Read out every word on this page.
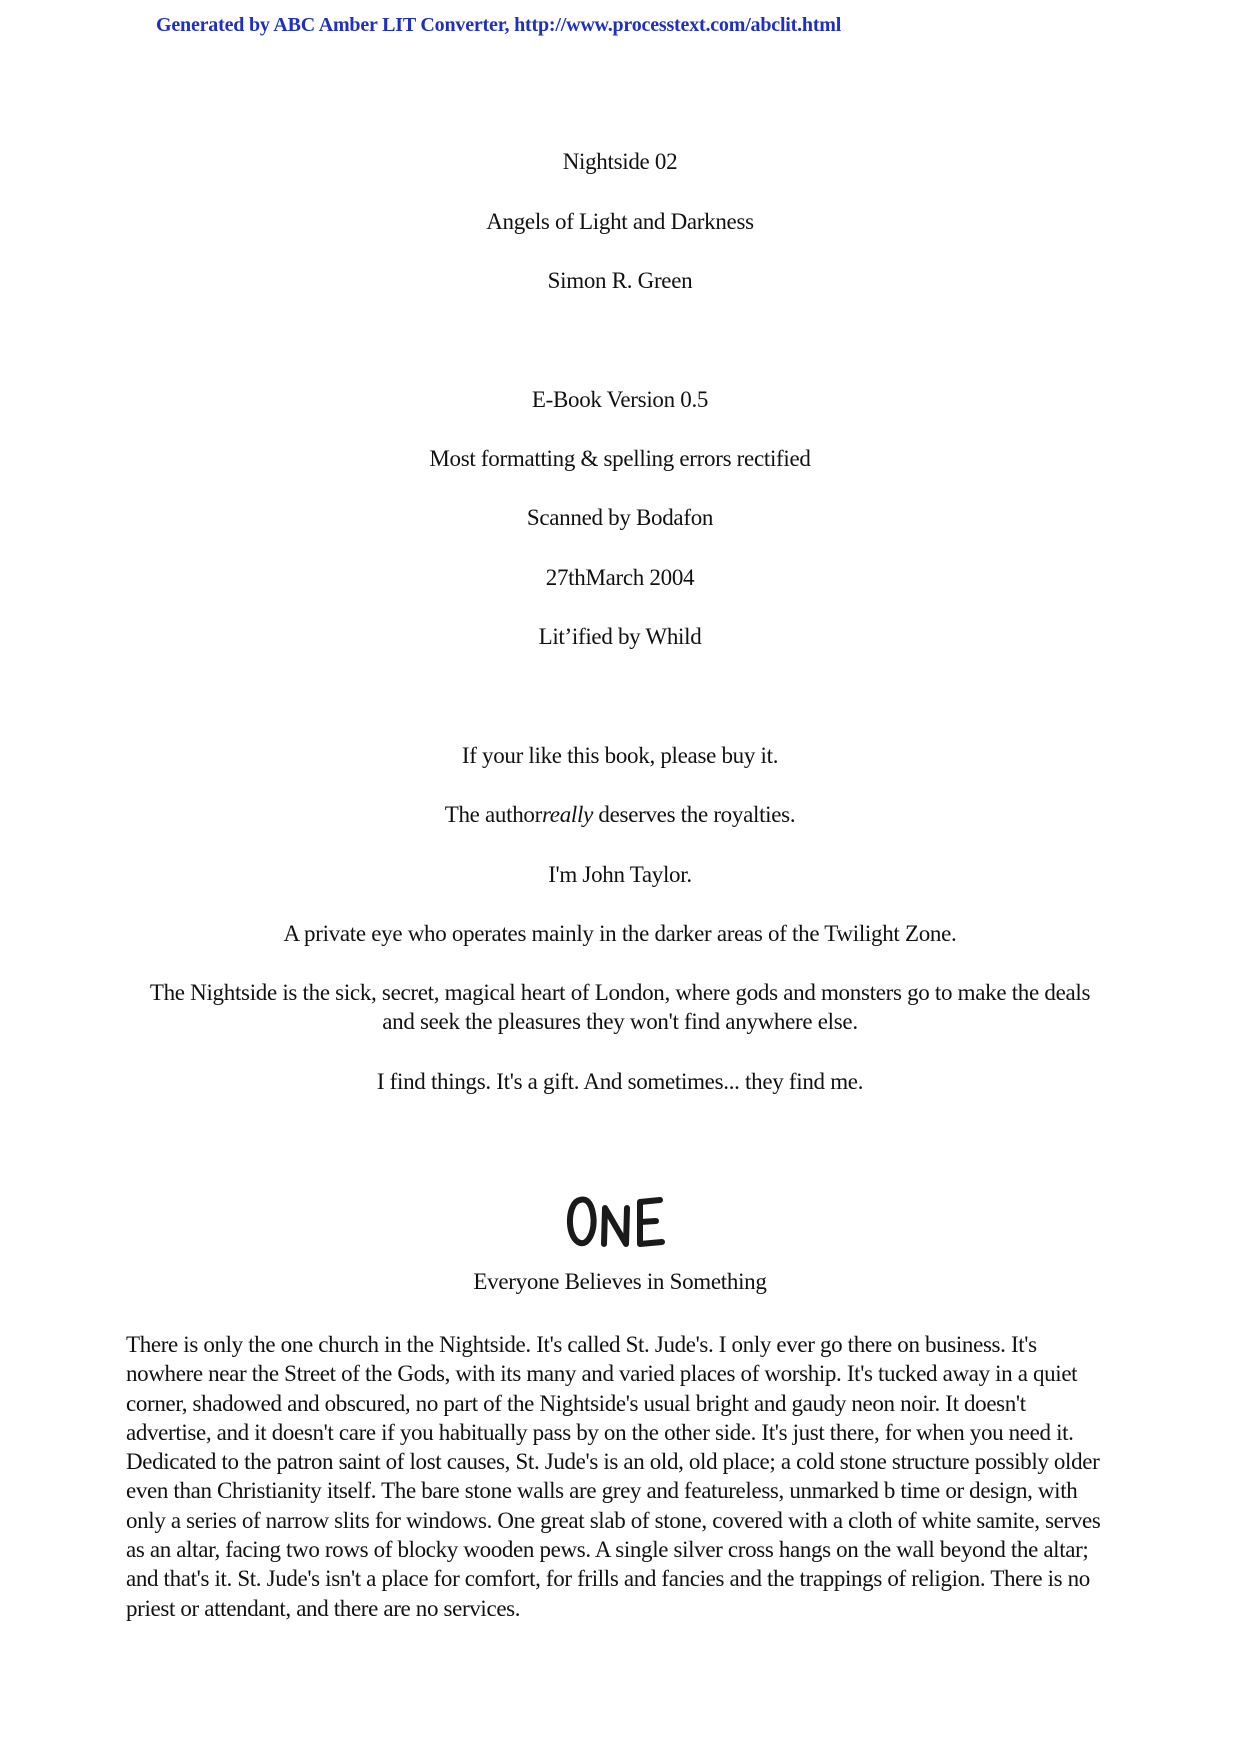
Generated by ABC Amber LIT Converter, http://www.processtext.com/abclit.html
Nightside 02
Angels of Light and Darkness
Simon R. Green
E-Book Version 0.5
Most formatting & spelling errors rectified
Scanned by Bodafon
27thMarch 2004
Lit’ified by Whild
If your like this book, please buy it.
The authorreally deserves the royalties.
I'm John Taylor.
A private eye who operates mainly in the darker areas of the Twilight Zone.
The Nightside is the sick, secret, magical heart of London, where gods and monsters go to make the deals and seek the pleasures they won't find anywhere else.
I find things. It's a gift. And sometimes... they find me.
ONE
Everyone Believes in Something
There is only the one church in the Nightside. It's called St. Jude's. I only ever go there on business. It's nowhere near the Street of the Gods, with its many and varied places of worship. It's tucked away in a quiet corner, shadowed and obscured, no part of the Nightside's usual bright and gaudy neon noir. It doesn't advertise, and it doesn't care if you habitually pass by on the other side. It's just there, for when you need it. Dedicated to the patron saint of lost causes, St. Jude's is an old, old place; a cold stone structure possibly older even than Christianity itself. The bare stone walls are grey and featureless, unmarked b time or design, with only a series of narrow slits for windows. One great slab of stone, covered with a cloth of white samite, serves as an altar, facing two rows of blocky wooden pews. A single silver cross hangs on the wall beyond the altar; and that's it. St. Jude's isn't a place for comfort, for frills and fancies and the trappings of religion. There is no priest or attendant, and there are no services.
